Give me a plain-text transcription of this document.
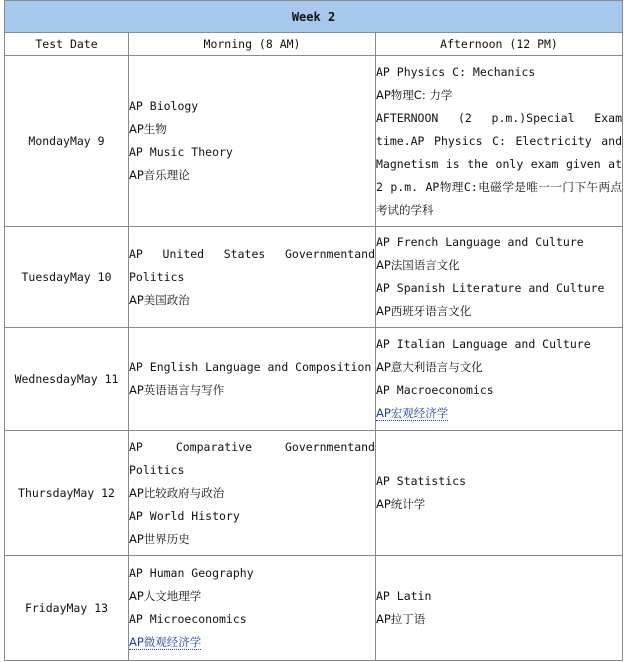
Week 2		
Test Date	Morning (8 AM)	Afternoon (12 PM)
MondayMay 9	AP Biology
AP生物
AP Music Theory
AP音乐理论	AP Physics C: Mechanics
AP物理C: 力学
AFTERNOON (2 p.m.)Special Exam time.AP Physics C: Electricity and Magnetism is the only exam given at 2 p.m. AP物理C:电磁学是唯一一门下午两点考试的学科

TuesdayMay 10	AP United States Governmentand Politics
AP美国政治	AP French Language and Culture
AP法国语言文化
AP Spanish Literature and Culture
AP西班牙语言文化

WednesdayMay 11	AP English Language and Composition
AP英语语言与写作	AP Italian Language and Culture
AP意大利语言与文化
AP Macroeconomics
AP宏观经济学

ThursdayMay 12	AP Comparative Governmentand Politics
AP比较政府与政治
AP World History
AP世界历史	AP Statistics
AP统计学

FridayMay 13	AP Human Geography
AP人文地理学
AP Microeconomics
AP微观经济学	AP Latin
AP拉丁语
